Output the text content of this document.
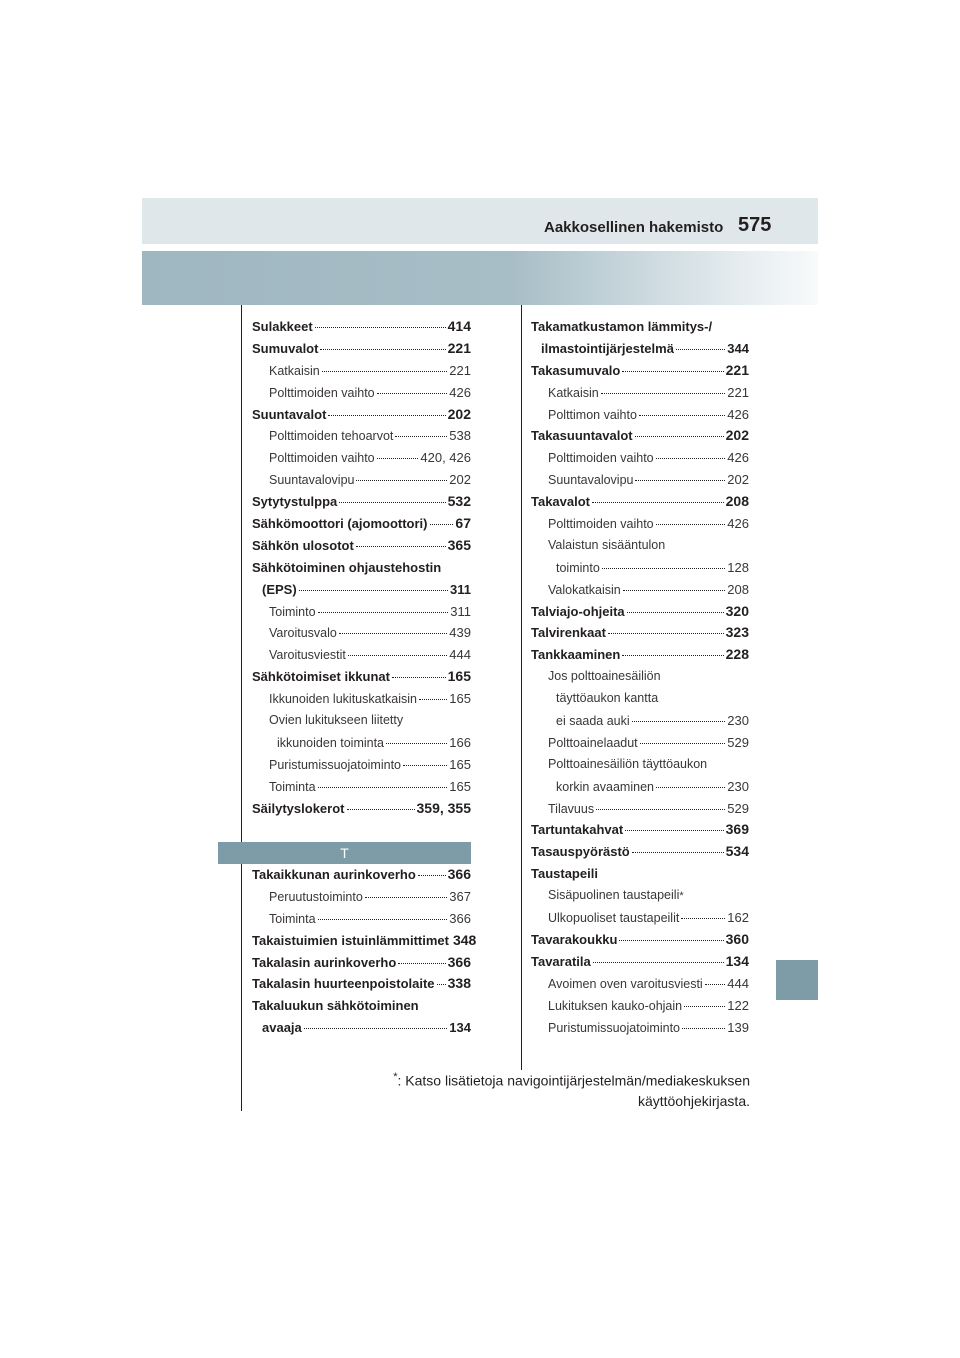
Aakkosellinen hakemisto 575
Sulakkeet	414
Sumuvalot	221
Katkaisin	221
Polttimoiden vaihto	426
Suuntavalot	202
Polttimoiden tehoarvot	538
Polttimoiden vaihto	420, 426
Suuntavalovipu	202
Sytytystulppa	532
Sähkömoottori (ajomoottori) 67
Sähkön ulosotot	365
Sähkötoiminen ohjaustehostin
(EPS)	311
Toiminto	311
Varoitusvalo	439
Varoitusviestit	444
Sähkötoimiset ikkunat	165
Ikkunoiden lukituskatkaisin 165
Ovien lukitukseen liitetty
ikkunoiden toiminta	166
Puristumissuojatoiminto	165
Toiminta	165
Säilytyslokerot	359, 355
T
Takaikkunan aurinkoverho 366
Peruutustoiminto	367
Toiminta	366
Takaistuimien istuinlämmittimet 348
Takalasin aurinkoverho	366
Takalasin huurteenpoistolaite 338
Takaluukun sähkötoiminen
avaaja	134
Takamatkustamon lämmitys-/
ilmastointijärjestelmä	344
Takasumuvalo	221
Katkaisin	221
Polttimon vaihto	426
Takasuuntavalot	202
Polttimoiden vaihto	426
Suuntavalovipu	202
Takavalot	208
Polttimoiden vaihto	426
Valaistun sisääntulon
toiminto	128
Valokatkaisin	208
Talviajo-ohjeita	320
Talvirenkaat	323
Tankkaaminen	228
Jos polttoainesäiliön
täyttöaukon kantta
ei saada auki	230
Polttoainelaadut	529
Polttoainesäiliön täyttöaukon
korkin avaaminen	230
Tilavuus	529
Tartuntakahvat	369
Tasauspyörästö	534
Taustapeili
Sisäpuolinen taustapeili *
Ulkopuoliset taustapeilit	162
Tavarakoukku	360
Tavaratila	134
Avoimen oven varoitusviesti 444
Lukituksen kauko-ohjain	122
Puristumissuojatoiminto	139
*: Katso lisätietoja navigointijärjestelmän/mediakeskuksen
käyttöohjekirjasta.
